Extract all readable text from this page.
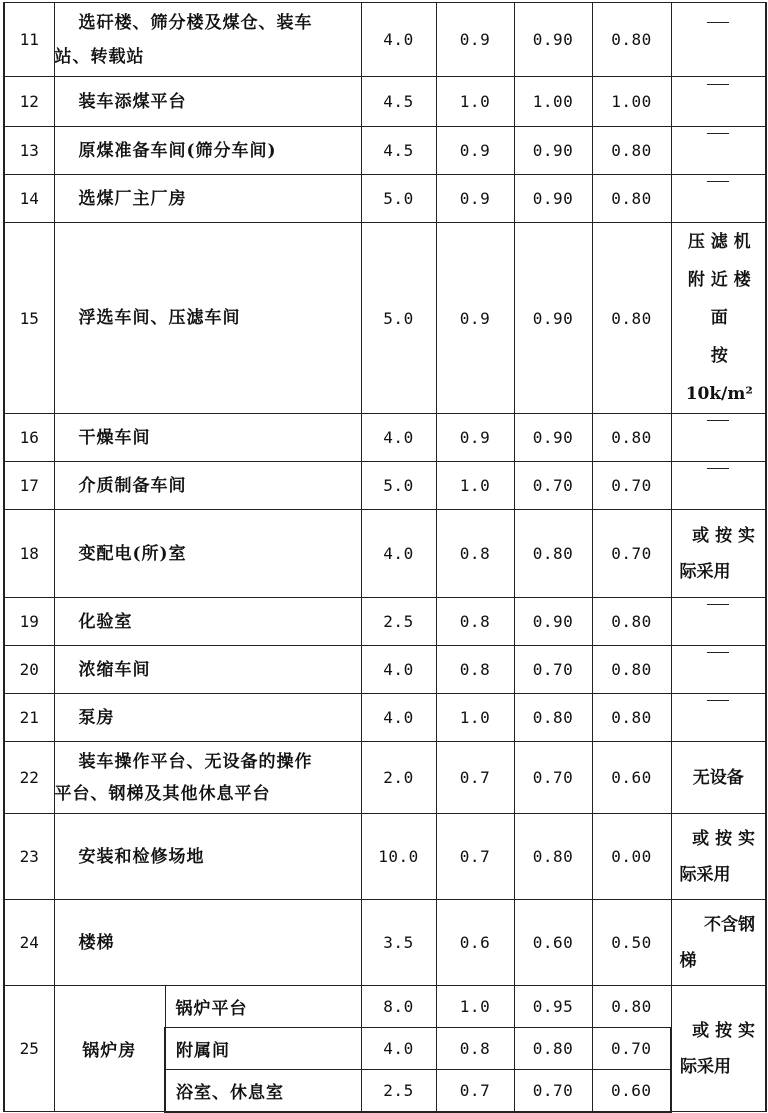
11	选矸楼、筛分楼及煤仓、装车
站、转载站		4.0	0.9	0.90	0.80	
12	装车添煤平台		4.5	1.0	1.00	1.00	
13	原煤准备车间(筛分车间)		4.5	0.9	0.90	0.80	
14	选煤厂主厂房		5.0	0.9	0.90	0.80	
15	浮选车间、压滤车间		5.0	0.9	0.90	0.80	压 滤 机
附 近 楼 面
按 10k/m²

16	干燥车间		4.0	0.9	0.90	0.80	
17	介质制备车间		5.0	1.0	0.70	0.70	
18	变配电(所)室		4.0	0.8	0.80	0.70	或 按 实
际采用

19	化验室		2.5	0.8	0.90	0.80	
20	浓缩车间		4.0	0.8	0.70	0.80	
21	泵房		4.0	1.0	0.80	0.80	
22	装车操作平台、无设备的操作
平台、钢梯及其他休息平台		2.0	0.7	0.70	0.60	无设备
23	安装和检修场地		10.0	0.7	0.80	0.00	或 按 实
际采用

24	楼梯		3.5	0.6	0.60	0.50	不含钢
梯

25	锅炉房	锅炉平台	8.0	1.0	0.95	0.80	或 按 实
际采用

		附属间	4.0	0.8	0.80	0.70	
		浴室、休息室	2.5	0.7	0.70	0.60	
